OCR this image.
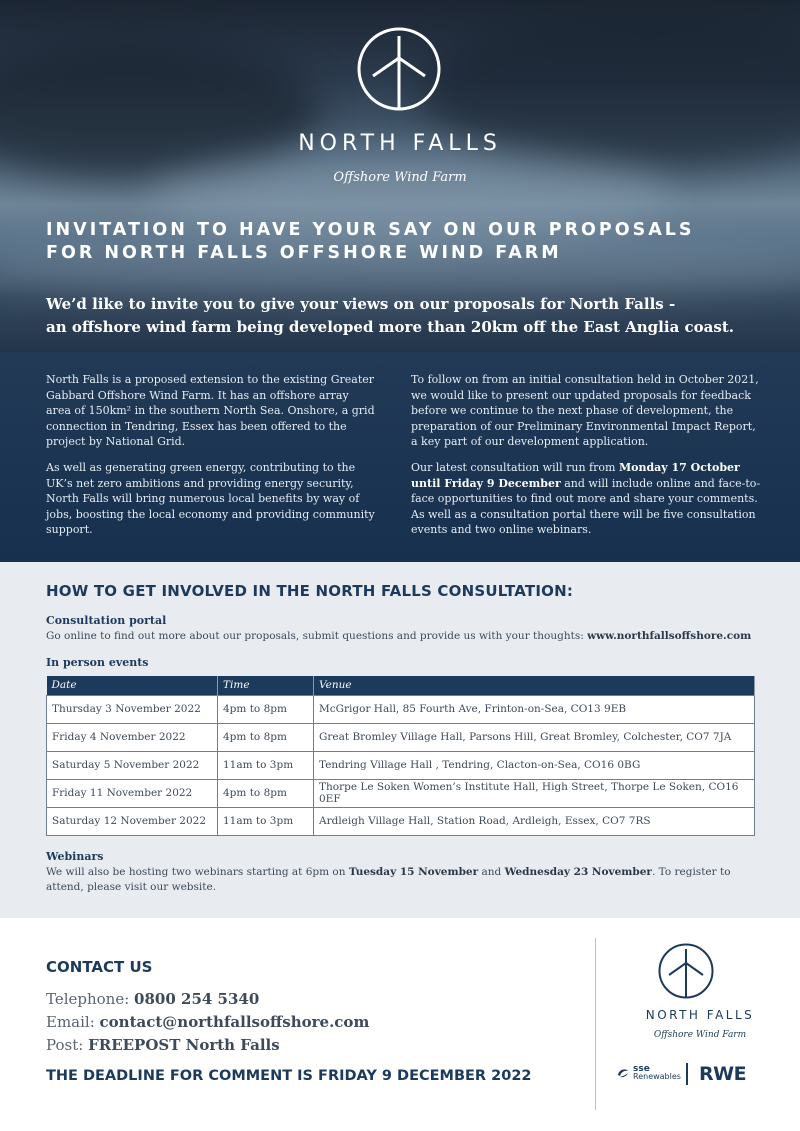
NORTH FALLS
Offshore Wind Farm
INVITATION TO HAVE YOUR SAY ON OUR PROPOSALS
FOR NORTH FALLS OFFSHORE WIND FARM
We’d like to invite you to give your views on our proposals for North Falls -
an offshore wind farm being developed more than 20km off the East Anglia coast.

North Falls is a proposed extension to the existing Greater Gabbard Offshore Wind Farm. It has an offshore array area of 150km² in the southern North Sea. Onshore, a grid connection in Tendring, Essex has been offered to the project by National Grid.

As well as generating green energy, contributing to the UK’s net zero ambitions and providing energy security, North Falls will bring numerous local benefits by way of jobs, boosting the local economy and providing community support.

To follow on from an initial consultation held in October 2021, we would like to present our updated proposals for feedback before we continue to the next phase of development, the preparation of our Preliminary Environmental Impact Report, a key part of our development application.

Our latest consultation will run from Monday 17 October until Friday 9 December and will include online and face-to-face opportunities to find out more and share your comments.

As well as a consultation portal there will be five consultation events and two online webinars.

HOW TO GET INVOLVED IN THE NORTH FALLS CONSULTATION:
Consultation portal
Go online to find out more about our proposals, submit questions and provide us with your thoughts: www.northfallsoffshore.com
In person events
Date	Time	Venue
Thursday 3 November 2022	4pm to 8pm	McGrigor Hall, 85 Fourth Ave, Frinton-on-Sea, CO13 9EB
Friday 4 November 2022	4pm to 8pm	Great Bromley Village Hall, Parsons Hill, Great Bromley, Colchester, CO7 7JA
Saturday 5 November 2022	11am to 3pm	Tendring Village Hall , Tendring, Clacton-on-Sea, CO16 0BG
Friday 11 November 2022	4pm to 8pm	Thorpe Le Soken Women’s Institute Hall, High Street, Thorpe Le Soken, CO16 0EF
Saturday 12 November 2022	11am to 3pm	Ardleigh Village Hall, Station Road, Ardleigh, Essex, CO7 7RS
Webinars
We will also be hosting two webinars starting at 6pm on Tuesday 15 November and Wednesday 23 November. To register to attend, please visit our website.
CONTACT US
Telephone: 0800 254 5340
Email: contact@northfallsoffshore.com
Post: FREEPOST North Falls
THE DEADLINE FOR COMMENT IS FRIDAY 9 DECEMBER 2022
NORTH FALLS
Offshore Wind Farm
sse
Renewables RWE
